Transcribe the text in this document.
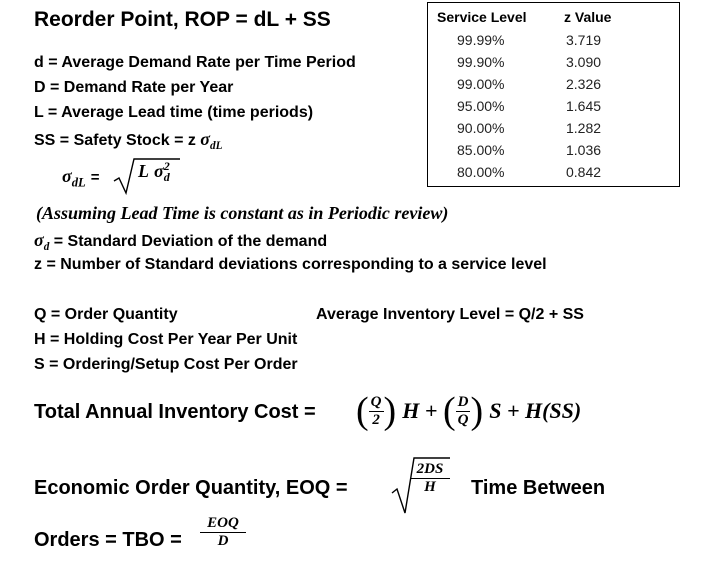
Reorder Point, ROP = dL + SS
d = Average Demand Rate per Time Period
D = Demand Rate per Year
L = Average Lead time (time periods)
SS = Safety Stock = z $\sigma_{dL}$
$\sigma_{dL} = L$ σ 2
d
(Assuming Lead Time is constant as in Periodic review)
$\sigma_d$ = Standard Deviation of the demand
z = Number of Standard deviations corresponding to a service level
Q = Order Quantity	Average Inventory Level = Q/2 + SS
H = Holding Cost Per Year Per Unit
S = Ordering/Setup Cost Per Order
Total Annual Inventory Cost = ( $\frac{Q}{2}$ ) H + ( $\frac{D}{Q}$ ) S + H(SS)
Economic Order Quantity, EOQ =	$\frac{2DS}{H}$ Time Between
Orders = TBO =
EOQ
D
Service Level	z Value
99.99%	3.719
99.90%	3.090
99.00%	2.326
95.00%	1.645
90.00%	1.282
85.00%	1.036
80.00%	0.842
